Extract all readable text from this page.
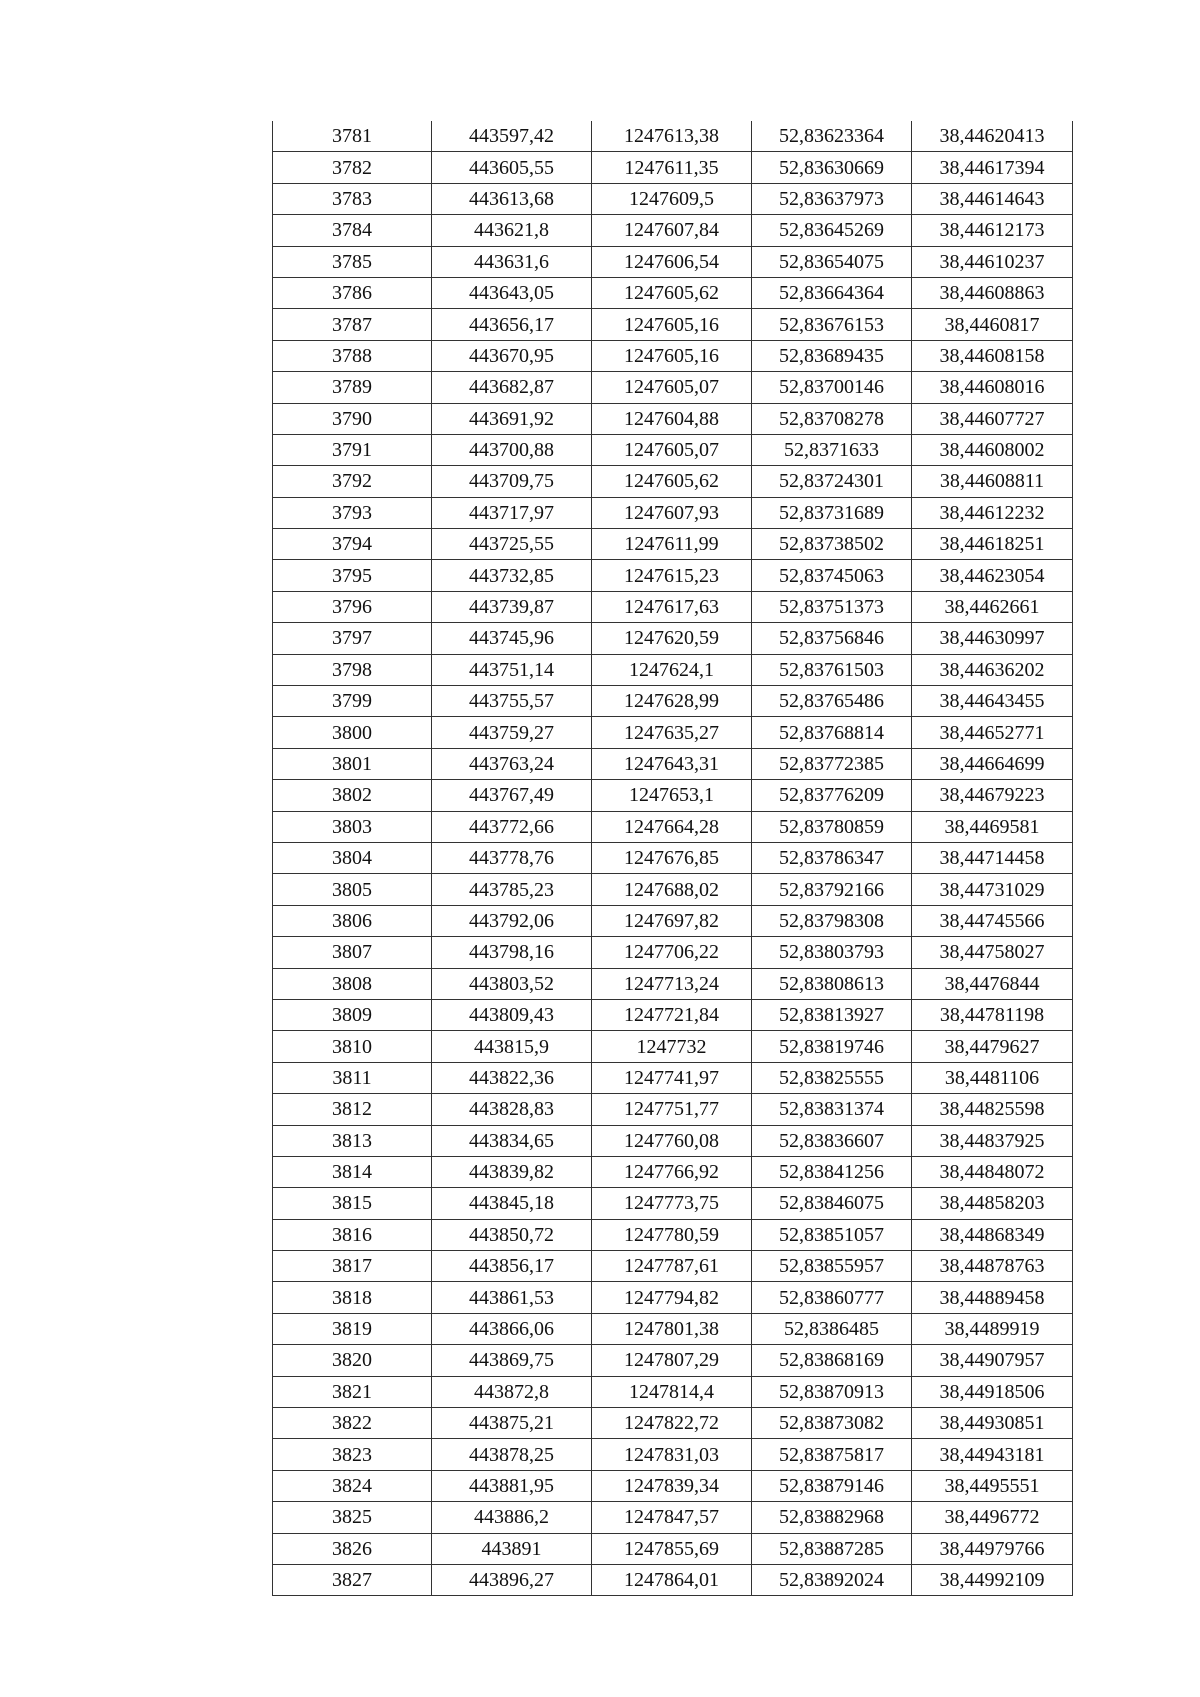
3781	443597,42	1247613,38	52,83623364	38,44620413
3782	443605,55	1247611,35	52,83630669	38,44617394
3783	443613,68	1247609,5	52,83637973	38,44614643
3784	443621,8	1247607,84	52,83645269	38,44612173
3785	443631,6	1247606,54	52,83654075	38,44610237
3786	443643,05	1247605,62	52,83664364	38,44608863
3787	443656,17	1247605,16	52,83676153	38,4460817
3788	443670,95	1247605,16	52,83689435	38,44608158
3789	443682,87	1247605,07	52,83700146	38,44608016
3790	443691,92	1247604,88	52,83708278	38,44607727
3791	443700,88	1247605,07	52,8371633	38,44608002
3792	443709,75	1247605,62	52,83724301	38,44608811
3793	443717,97	1247607,93	52,83731689	38,44612232
3794	443725,55	1247611,99	52,83738502	38,44618251
3795	443732,85	1247615,23	52,83745063	38,44623054
3796	443739,87	1247617,63	52,83751373	38,4462661
3797	443745,96	1247620,59	52,83756846	38,44630997
3798	443751,14	1247624,1	52,83761503	38,44636202
3799	443755,57	1247628,99	52,83765486	38,44643455
3800	443759,27	1247635,27	52,83768814	38,44652771
3801	443763,24	1247643,31	52,83772385	38,44664699
3802	443767,49	1247653,1	52,83776209	38,44679223
3803	443772,66	1247664,28	52,83780859	38,4469581
3804	443778,76	1247676,85	52,83786347	38,44714458
3805	443785,23	1247688,02	52,83792166	38,44731029
3806	443792,06	1247697,82	52,83798308	38,44745566
3807	443798,16	1247706,22	52,83803793	38,44758027
3808	443803,52	1247713,24	52,83808613	38,4476844
3809	443809,43	1247721,84	52,83813927	38,44781198
3810	443815,9	1247732	52,83819746	38,4479627
3811	443822,36	1247741,97	52,83825555	38,4481106
3812	443828,83	1247751,77	52,83831374	38,44825598
3813	443834,65	1247760,08	52,83836607	38,44837925
3814	443839,82	1247766,92	52,83841256	38,44848072
3815	443845,18	1247773,75	52,83846075	38,44858203
3816	443850,72	1247780,59	52,83851057	38,44868349
3817	443856,17	1247787,61	52,83855957	38,44878763
3818	443861,53	1247794,82	52,83860777	38,44889458
3819	443866,06	1247801,38	52,8386485	38,4489919
3820	443869,75	1247807,29	52,83868169	38,44907957
3821	443872,8	1247814,4	52,83870913	38,44918506
3822	443875,21	1247822,72	52,83873082	38,44930851
3823	443878,25	1247831,03	52,83875817	38,44943181
3824	443881,95	1247839,34	52,83879146	38,4495551
3825	443886,2	1247847,57	52,83882968	38,4496772
3826	443891	1247855,69	52,83887285	38,44979766
3827	443896,27	1247864,01	52,83892024	38,44992109
